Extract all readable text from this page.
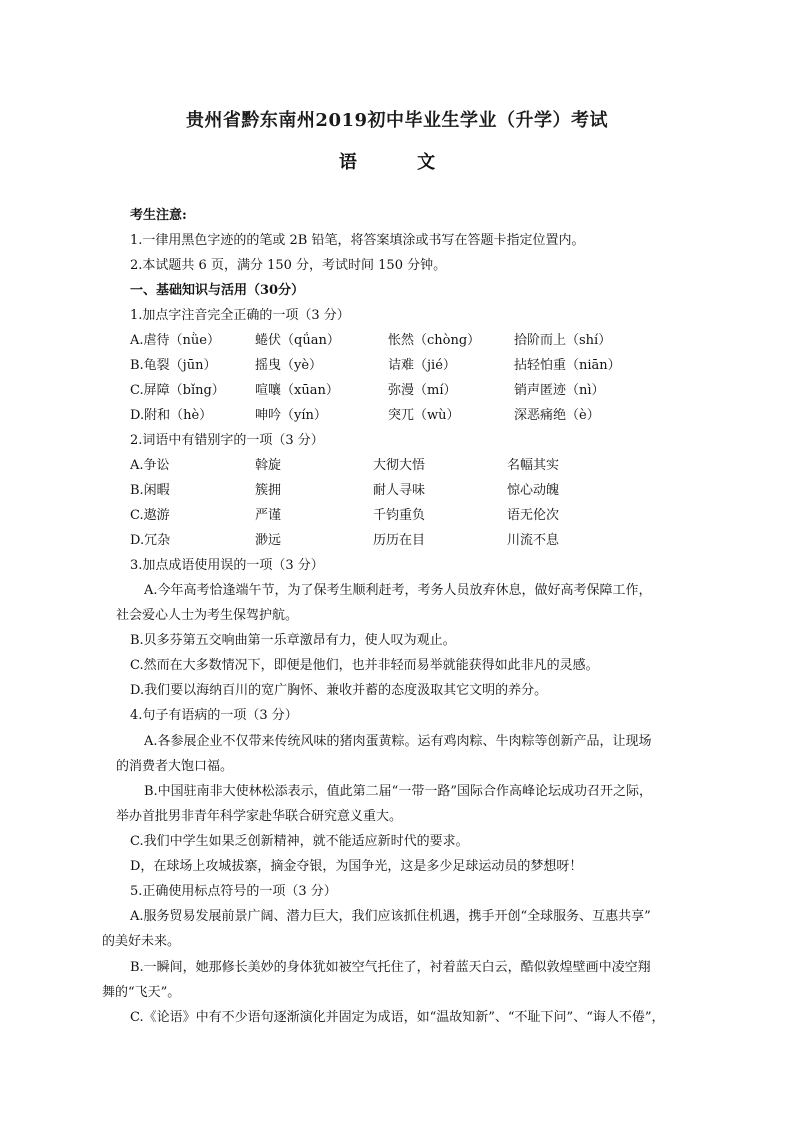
贵州省黔东南州2019初中毕业生学业（升学）考试
语 文
考生注意:
1.一律用黑色字迹的的笔或 2B 铅笔，将答案填涂或书写在答题卡指定位置内。
2.本试题共 6 页，满分 150 分，考试时间 150 分钟。
一、基础知识与活用（30分）
1.加点字注音完全正确的一项（3 分）
A.虐待（nǜe）	蜷伏（qǘan）	怅然（chòng）	拾阶而上（shí）
B.龟裂（jūn）	摇曳（yè）	诘难（jié）	拈轻怕重（niān）
C.屏障（bǐng） 喧嚷（xūan）	弥漫（mí）	销声匿迹（nì）
D.附和（hè）	呻吟（yín）	突兀（wù）	深恶痛绝（è）
2.词语中有错别字的一项（3 分）
A.争讼	斡旋	大彻大悟	名幅其实
B.闲暇	簇拥	耐人寻味	惊心动魄
C.遨游	严谨	千钧重负	语无伦次
D.冗杂	渺远	历历在目	川流不息
3.加点成语使用误的一项（3 分）
A.今年高考恰逢端午节，为了保考生顺利赶考，考务人员放弃休息，做好高考保障工作，
社会爱心人士为考生保驾护航。
B.贝多芬第五交响曲第一乐章激昂有力，使人叹为观止。
C.然而在大多数情况下，即便是他们，也并非轻而易举就能获得如此非凡的灵感。
D.我们要以海纳百川的宽广胸怀、兼收并蓄的态度汲取其它文明的养分。
4.句子有语病的一项（3 分）
A.各参展企业不仅带来传统风味的猪肉蛋黄粽。运有鸡肉粽、牛肉粽等创新产品，让现场
的消费者大饱口福。
B.中国驻南非大使林松添表示，值此第二届“一带一路”国际合作高峰论坛成功召开之际，
举办首批男非青年科学家赴华联合研究意义重大。
C.我们中学生如果乏创新精神，就不能适应新时代的要求。
D，在球场上攻城拔寨，摘金夺银，为国争光，这是多少足球运动员的梦想呀！
5.正确使用标点符号的一项（3 分）
A.服务贸易发展前景广阔、潜力巨大，我们应该抓住机遇，携手开创“全球服务、互惠共享”
的美好未来。
B.一瞬间，她那修长美妙的身体犹如被空气托住了，衬着蓝天白云，酷似敦煌壁画中凌空翔
舞的“飞天”。
C.《论语》中有不少语句逐渐演化并固定为成语，如“温故知新”、“不耻下问”、“诲人不倦”，
